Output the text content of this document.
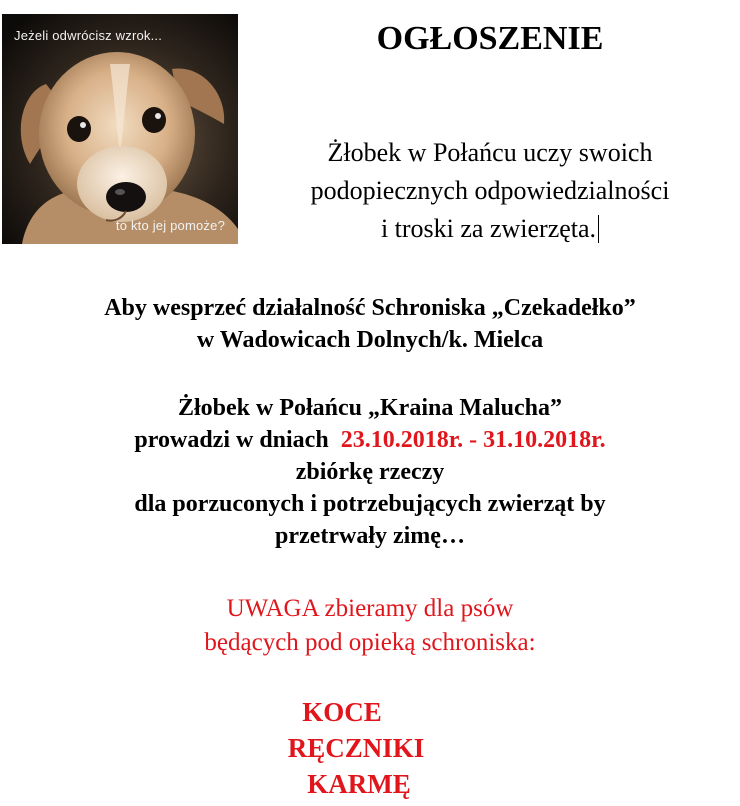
Jeżeli odwrócisz wzrok...
to kto jej pomoże?
OGŁOSZENIE
Żłobek w Połańcu uczy swoich
podopiecznych odpowiedzialności
i troski za zwierzęta.
Aby wesprzeć działalność Schroniska „Czekadełko”
w Wadowicach Dolnych/k. Mielca
Żłobek w Połańcu „Kraina Malucha”
prowadzi w dniach 23.10.2018r. - 31.10.2018r.
zbiórkę rzeczy
dla porzuconych i potrzebujących zwierząt by
przetrwały zimę…
UWAGA zbieramy dla psów
będących pod opieką schroniska:
KOCE
RĘCZNIKI
KARMĘ
